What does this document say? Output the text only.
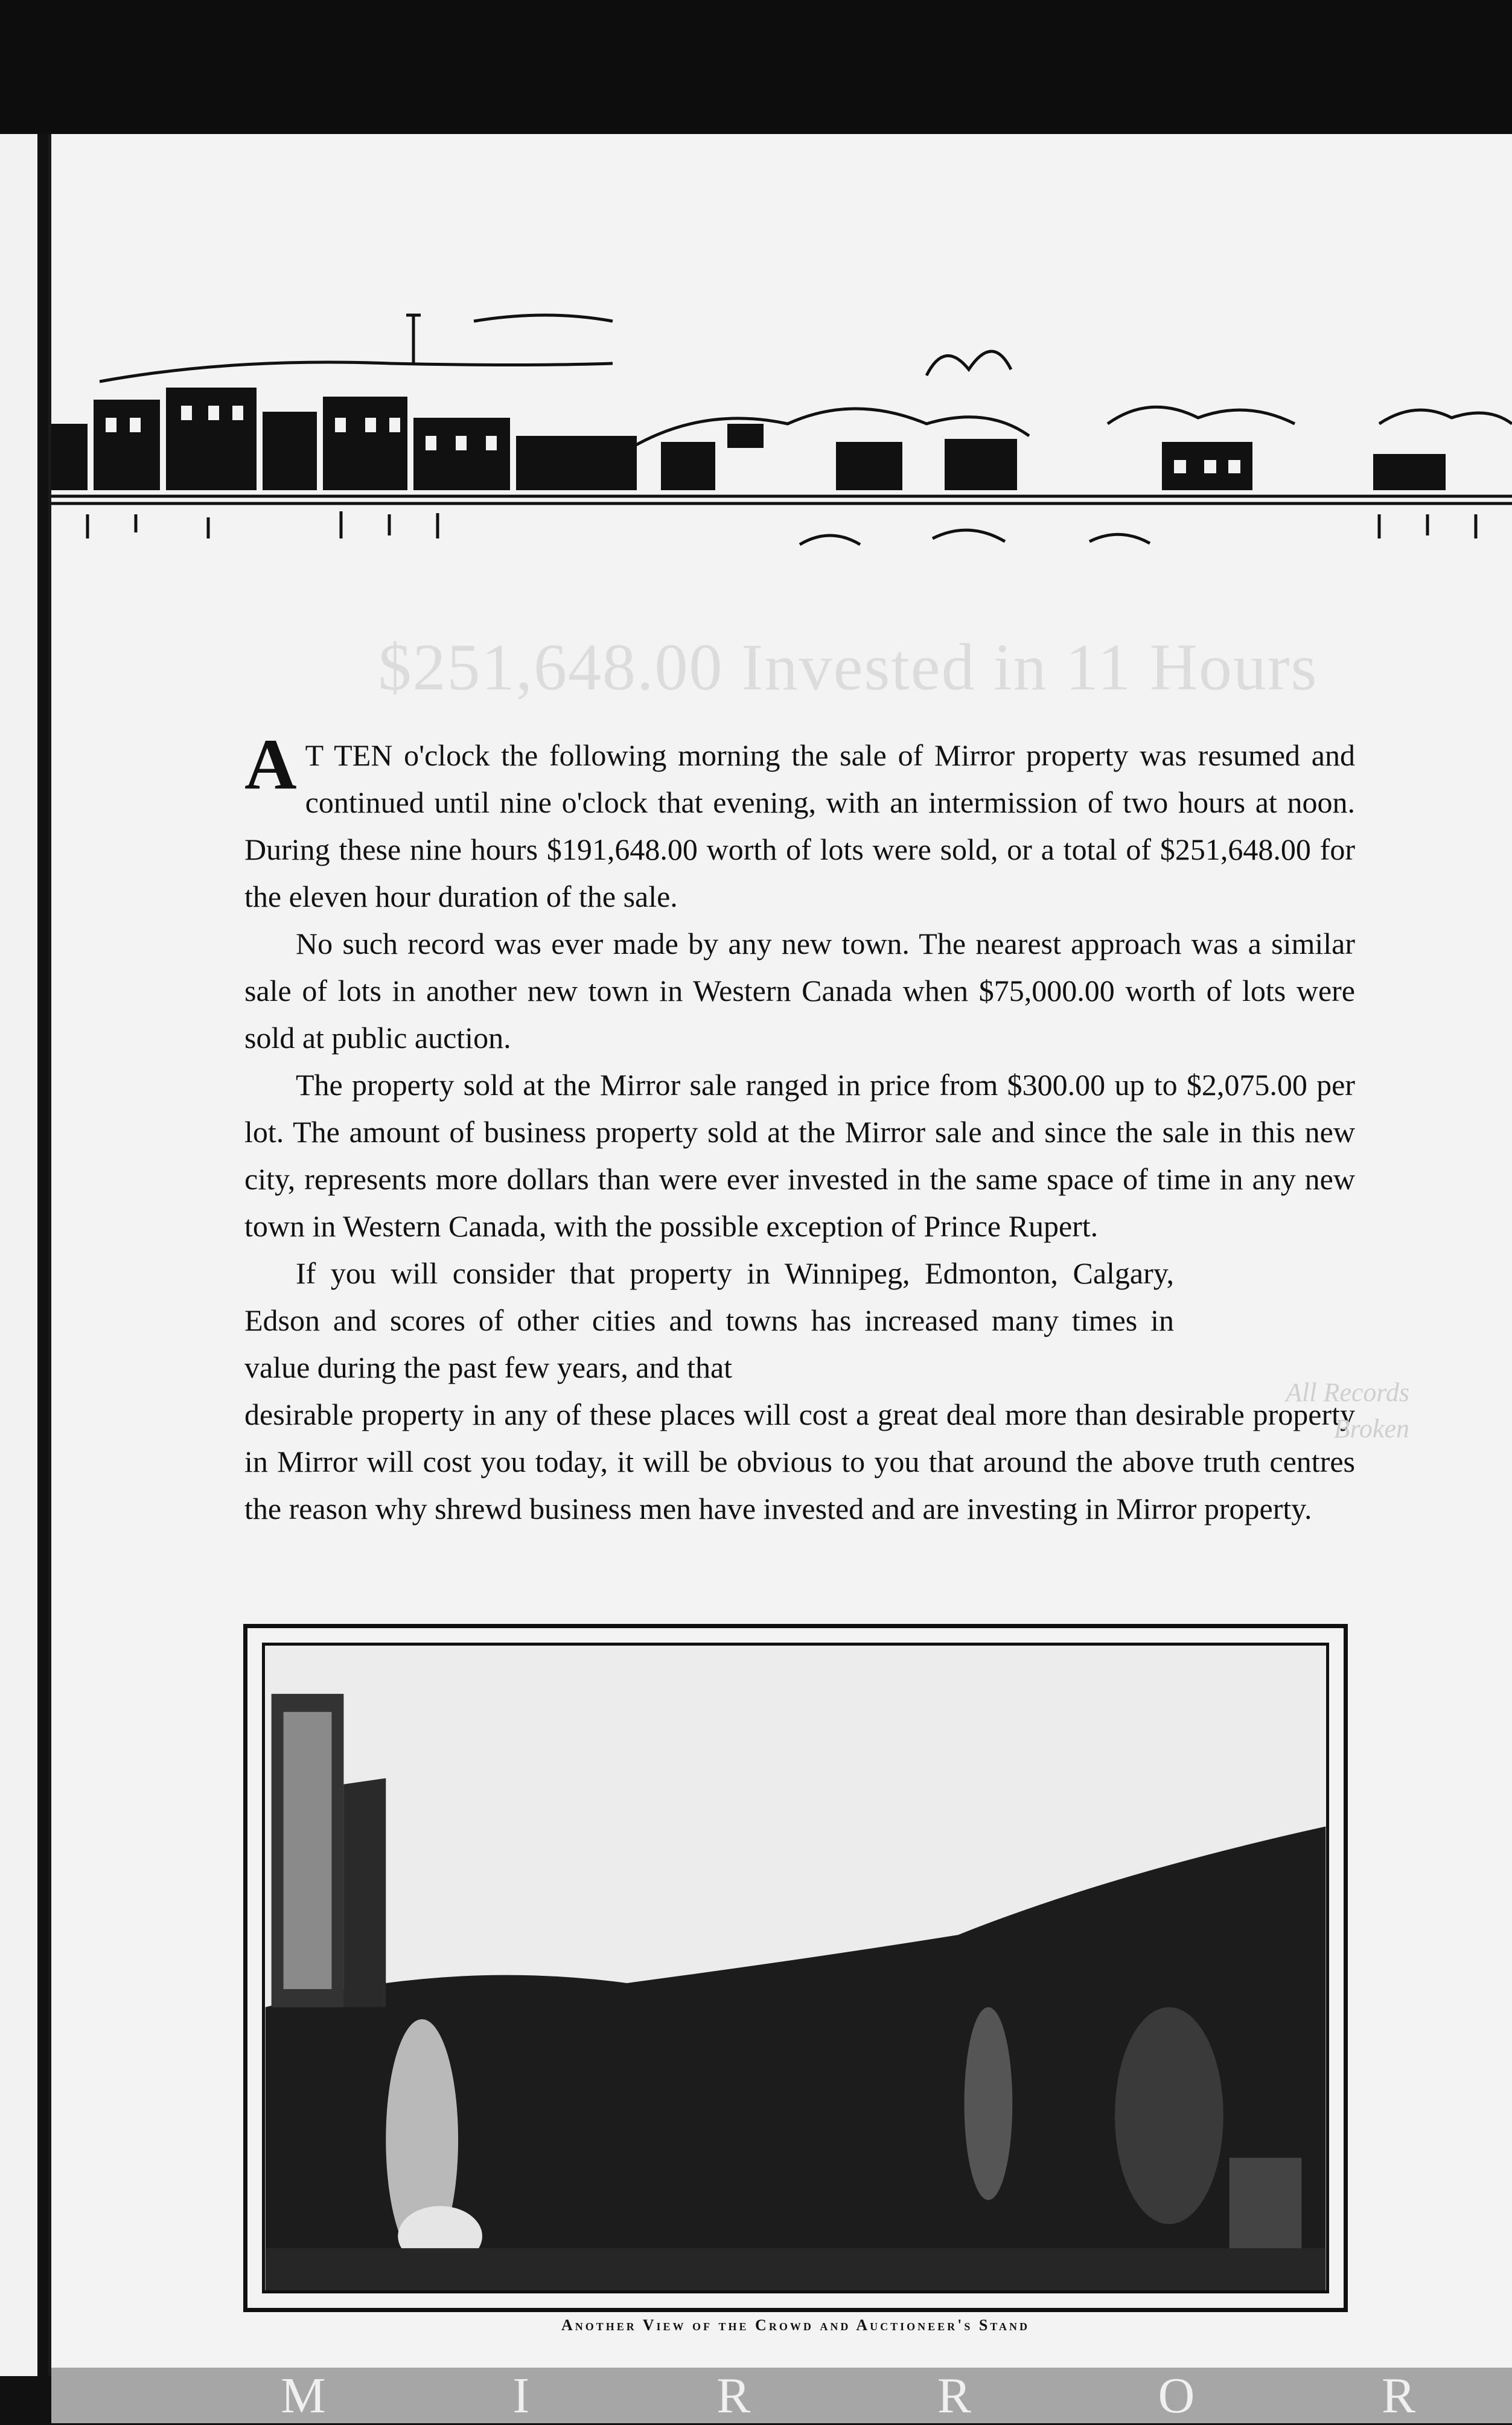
$251,648.00 Invested in 11 Hours

A T TEN o'clock the following morning the sale of Mirror property was resumed and continued until nine o'clock that evening, with an intermission of two hours at noon. During these nine hours $191,648.00 worth of lots were sold, or a total of $251,648.00 for the eleven hour duration of the sale.

No such record was ever made by any new town. The nearest approach was a similar sale of lots in another new town in Western Canada when $75,000.00 worth of lots were sold at public auction.

The property sold at the Mirror sale ranged in price from $300.00 up to $2,075.00 per lot. The amount of business property sold at the Mirror sale and since the sale in this new city, represents more dollars than were ever invested in the same space of time in any new town in Western Canada, with the possible exception of Prince Rupert.

If you will consider that property in Winnipeg, Edmonton, Calgary, Edson and scores of other cities and towns has increased many times in value during the past few years, and that

desirable property in any of these places will cost a great deal more than desirable property in Mirror will cost you today, it will be obvious to you that around the above truth centres the reason why shrewd business men have invested and are investing in Mirror property.

All Records Broken
Another View of the Crowd and Auctioneer's Stand
M	I	R	R	O	R
